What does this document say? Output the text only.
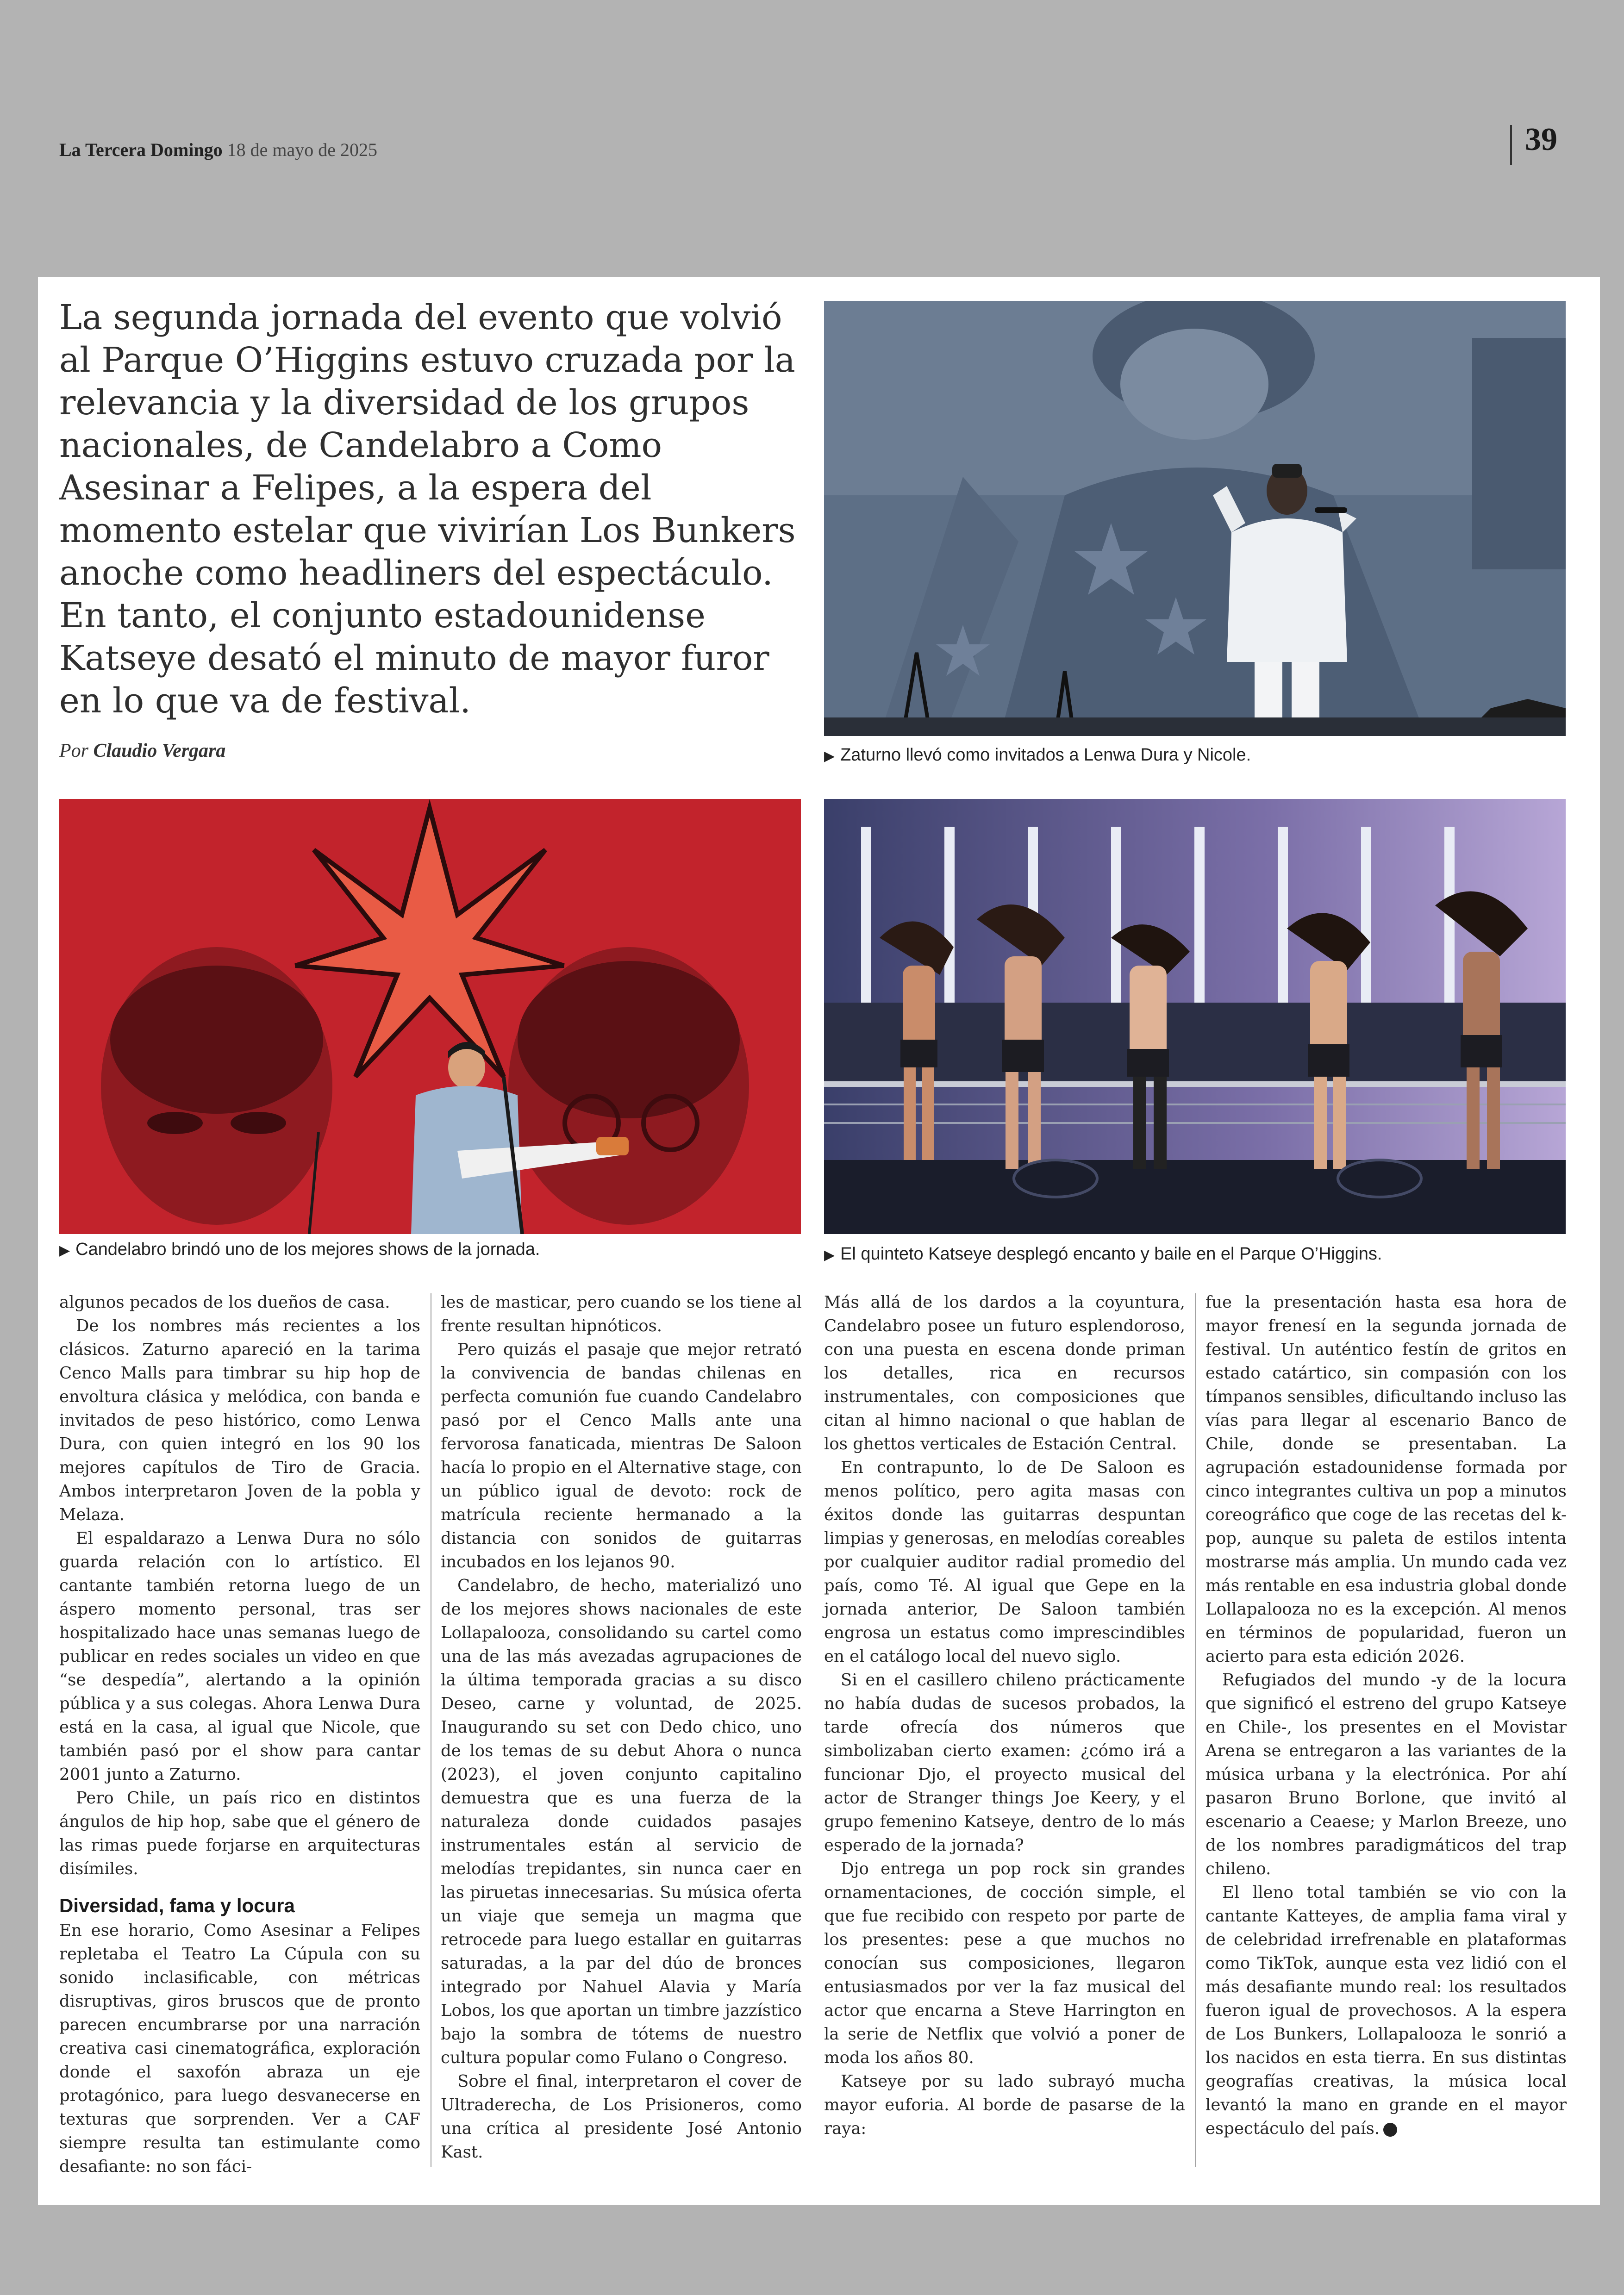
La Tercera Domingo 18 de mayo de 2025	39
La segunda jornada del evento que volvió al Parque O’Higgins estuvo cruzada por la relevancia y la diversidad de los grupos nacionales, de Candelabro a Como Asesinar a Felipes, a la espera del momento estelar que vivirían Los Bunkers anoche como headliners del espectáculo. En tanto, el conjunto estadounidense Katseye desató el minuto de mayor furor en lo que va de festival.
Por Claudio Vergara	▶ Zaturno llevó como invitados a Lenwa Dura y Nicole.
▶ Candelabro brindó uno de los mejores shows de la jornada.	▶ El quinteto Katseye desplegó encanto y baile en el Parque O’Higgins.

algunos pecados de los dueños de casa.

De los nombres más recientes a los clásicos. Zaturno apareció en la tarima Cenco Malls para timbrar su hip hop de envoltura clásica y melódica, con banda e invitados de peso histórico, como Lenwa Dura, con quien integró en los 90 los mejores capítulos de Tiro de Gracia. Ambos interpretaron Joven de la pobla y Melaza.

El espaldarazo a Lenwa Dura no sólo guarda relación con lo artístico. El cantante también retorna luego de un áspero momento personal, tras ser hospitalizado hace unas semanas luego de publicar en redes sociales un video en que “se despedía”, alertando a la opinión pública y a sus colegas. Ahora Lenwa Dura está en la casa, al igual que Nicole, que también pasó por el show para cantar 2001 junto a Zaturno.

Pero Chile, un país rico en distintos ángulos de hip hop, sabe que el género de las rimas puede forjarse en arquitecturas disímiles.

Diversidad, fama y locura

En ese horario, Como Asesinar a Felipes repletaba el Teatro La Cúpula con su sonido inclasificable, con métricas disruptivas, giros bruscos que de pronto parecen encumbrarse por una narración creativa casi cinematográfica, exploración donde el saxofón abraza un eje protagónico, para luego desvanecerse en texturas que sorprenden. Ver a CAF siempre resulta tan estimulante como desafiante: no son fáci-

les de masticar, pero cuando se los tiene al frente resultan hipnóticos.

Pero quizás el pasaje que mejor retrató la convivencia de bandas chilenas en perfecta comunión fue cuando Candelabro pasó por el Cenco Malls ante una fervorosa fanaticada, mientras De Saloon hacía lo propio en el Alternative stage, con un público igual de devoto: rock de matrícula reciente hermanado a la distancia con sonidos de guitarras incubados en los lejanos 90.

Candelabro, de hecho, materializó uno de los mejores shows nacionales de este Lollapalooza, consolidando su cartel como una de las más avezadas agrupaciones de la última temporada gracias a su disco Deseo, carne y voluntad, de 2025. Inaugurando su set con Dedo chico, uno de los temas de su debut Ahora o nunca (2023), el joven conjunto capitalino demuestra que es una fuerza de la naturaleza donde cuidados pasajes instrumentales están al servicio de melodías trepidantes, sin nunca caer en las piruetas innecesarias. Su música oferta un viaje que semeja un magma que retrocede para luego estallar en guitarras saturadas, a la par del dúo de bronces integrado por Nahuel Alavia y María Lobos, los que aportan un timbre jazzístico bajo la sombra de tótems de nuestro cultura popular como Fulano o Congreso.

Sobre el final, interpretaron el cover de Ultraderecha, de Los Prisioneros, como una crítica al presidente José Antonio Kast.

Más allá de los dardos a la coyuntura, Candelabro posee un futuro esplendoroso, con una puesta en escena donde priman los detalles, rica en recursos instrumentales, con composiciones que citan al himno nacional o que hablan de los ghettos verticales de Estación Central.

En contrapunto, lo de De Saloon es menos político, pero agita masas con éxitos donde las guitarras despuntan limpias y generosas, en melodías coreables por cualquier auditor radial promedio del país, como Té. Al igual que Gepe en la jornada anterior, De Saloon también engrosa un estatus como imprescindibles en el catálogo local del nuevo siglo.

Si en el casillero chileno prácticamente no había dudas de sucesos probados, la tarde ofrecía dos números que simbolizaban cierto examen: ¿cómo irá a funcionar Djo, el proyecto musical del actor de Stranger things Joe Keery, y el grupo femenino Katseye, dentro de lo más esperado de la jornada?

Djo entrega un pop rock sin grandes ornamentaciones, de cocción simple, el que fue recibido con respeto por parte de los presentes: pese a que muchos no conocían sus composiciones, llegaron entusiasmados por ver la faz musical del actor que encarna a Steve Harrington en la serie de Netflix que volvió a poner de moda los años 80.

Katseye por su lado subrayó mucha mayor euforia. Al borde de pasarse de la raya:

fue la presentación hasta esa hora de mayor frenesí en la segunda jornada de festival. Un auténtico festín de gritos en estado catártico, sin compasión con los tímpanos sensibles, dificultando incluso las vías para llegar al escenario Banco de Chile, donde se presentaban. La agrupación estadounidense formada por cinco integrantes cultiva un pop a minutos coreográfico que coge de las recetas del k-pop, aunque su paleta de estilos intenta mostrarse más amplia. Un mundo cada vez más rentable en esa industria global donde Lollapalooza no es la excepción. Al menos en términos de popularidad, fueron un acierto para esta edición 2026.

Refugiados del mundo -y de la locura que significó el estreno del grupo Katseye en Chile-, los presentes en el Movistar Arena se entregaron a las variantes de la música urbana y la electrónica. Por ahí pasaron Bruno Borlone, que invitó al escenario a Ceaese; y Marlon Breeze, uno de los nombres paradigmáticos del trap chileno.

El lleno total también se vio con la cantante Katteyes, de amplia fama viral y de celebridad irrefrenable en plataformas como TikTok, aunque esta vez lidió con el más desafiante mundo real: los resultados fueron igual de provechosos. A la espera de Los Bunkers, Lollapalooza le sonrió a los nacidos en esta tierra. En sus distintas geografías creativas, la música local levantó la mano en grande en el mayor espectáculo del país.
